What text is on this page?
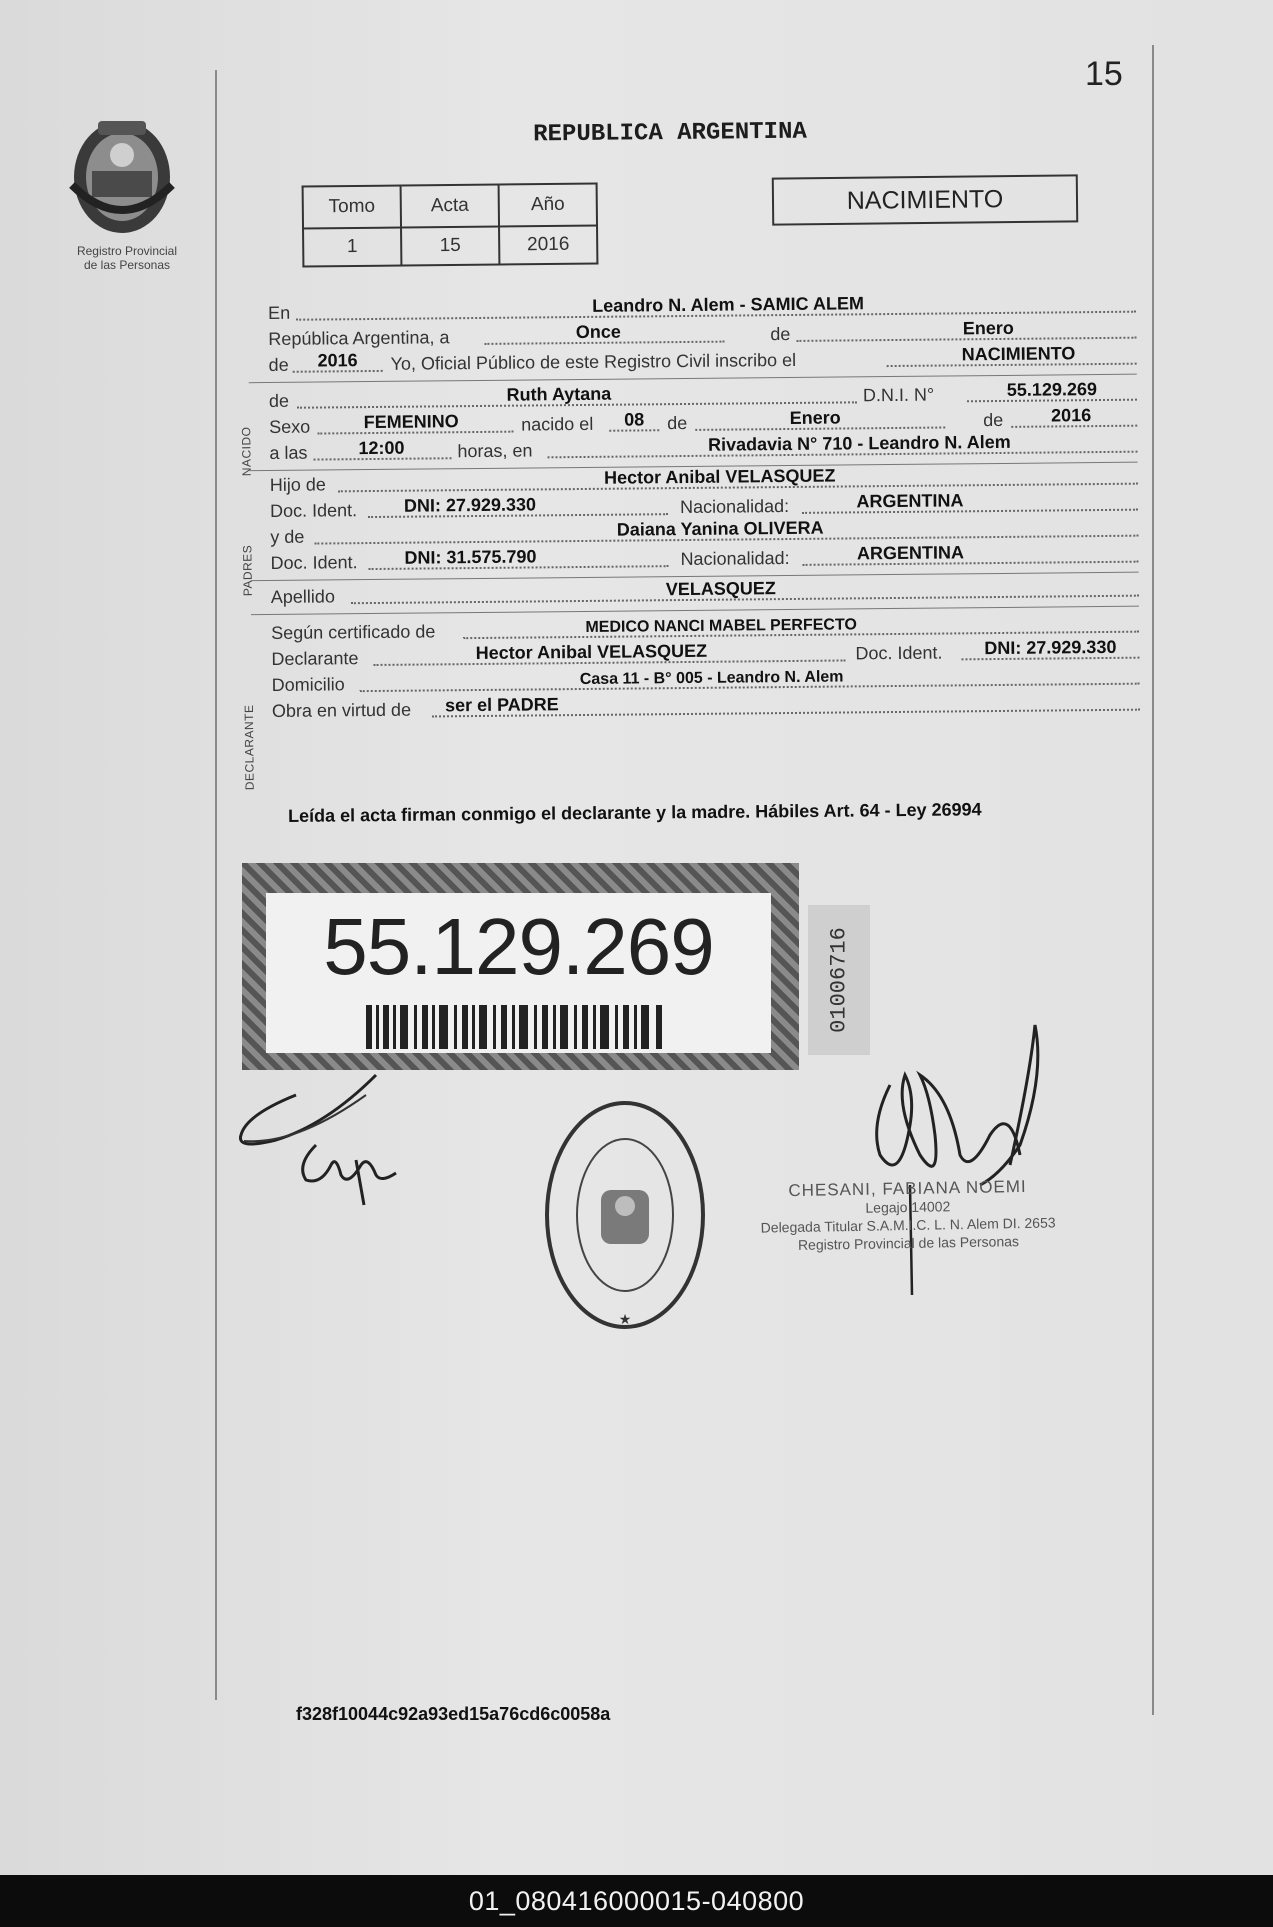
15
Registro Provincial
de las Personas
REPUBLICA ARGENTINA
Tomo	Acta	Año
1	15	2016
NACIMIENTO
En	Leandro N. Alem - SAMIC ALEM
República Argentina, a	Once	de	Enero
de	2016	Yo, Oficial Público de este Registro Civil inscribo el	NACIMIENTO
de	Ruth Aytana	D.N.I. N°	55.129.269
Sexo	FEMENINO	nacido el	08	de	Enero	de	2016
a las	12:00	horas, en	Rivadavia N° 710 - Leandro N. Alem
Hijo de	Hector Anibal VELASQUEZ
Doc. Ident.	DNI: 27.929.330	Nacionalidad:	ARGENTINA
y de	Daiana Yanina OLIVERA
Doc. Ident.	DNI: 31.575.790	Nacionalidad:	ARGENTINA
Apellido	VELASQUEZ
Según certificado de	MEDICO NANCI MABEL PERFECTO
Declarante	Hector Anibal VELASQUEZ	Doc. Ident.	DNI: 27.929.330
Domicilio	Casa 11 - B° 005 - Leandro N. Alem
Obra en virtud de	ser el PADRE
NACIDO
PADRES
DECLARANTE
Leída el acta firman conmigo el declarante y la madre. Hábiles Art. 64 - Ley 26994
55.129.269	01006716
★
CHESANI, FABIANA NOEMI
Legajo 14002
Delegada Titular S.A.M.I.C. L. N. Alem DI. 2653
Registro Provincial de las Personas
f328f10044c92a93ed15a76cd6c0058a
01_080416000015-040800
